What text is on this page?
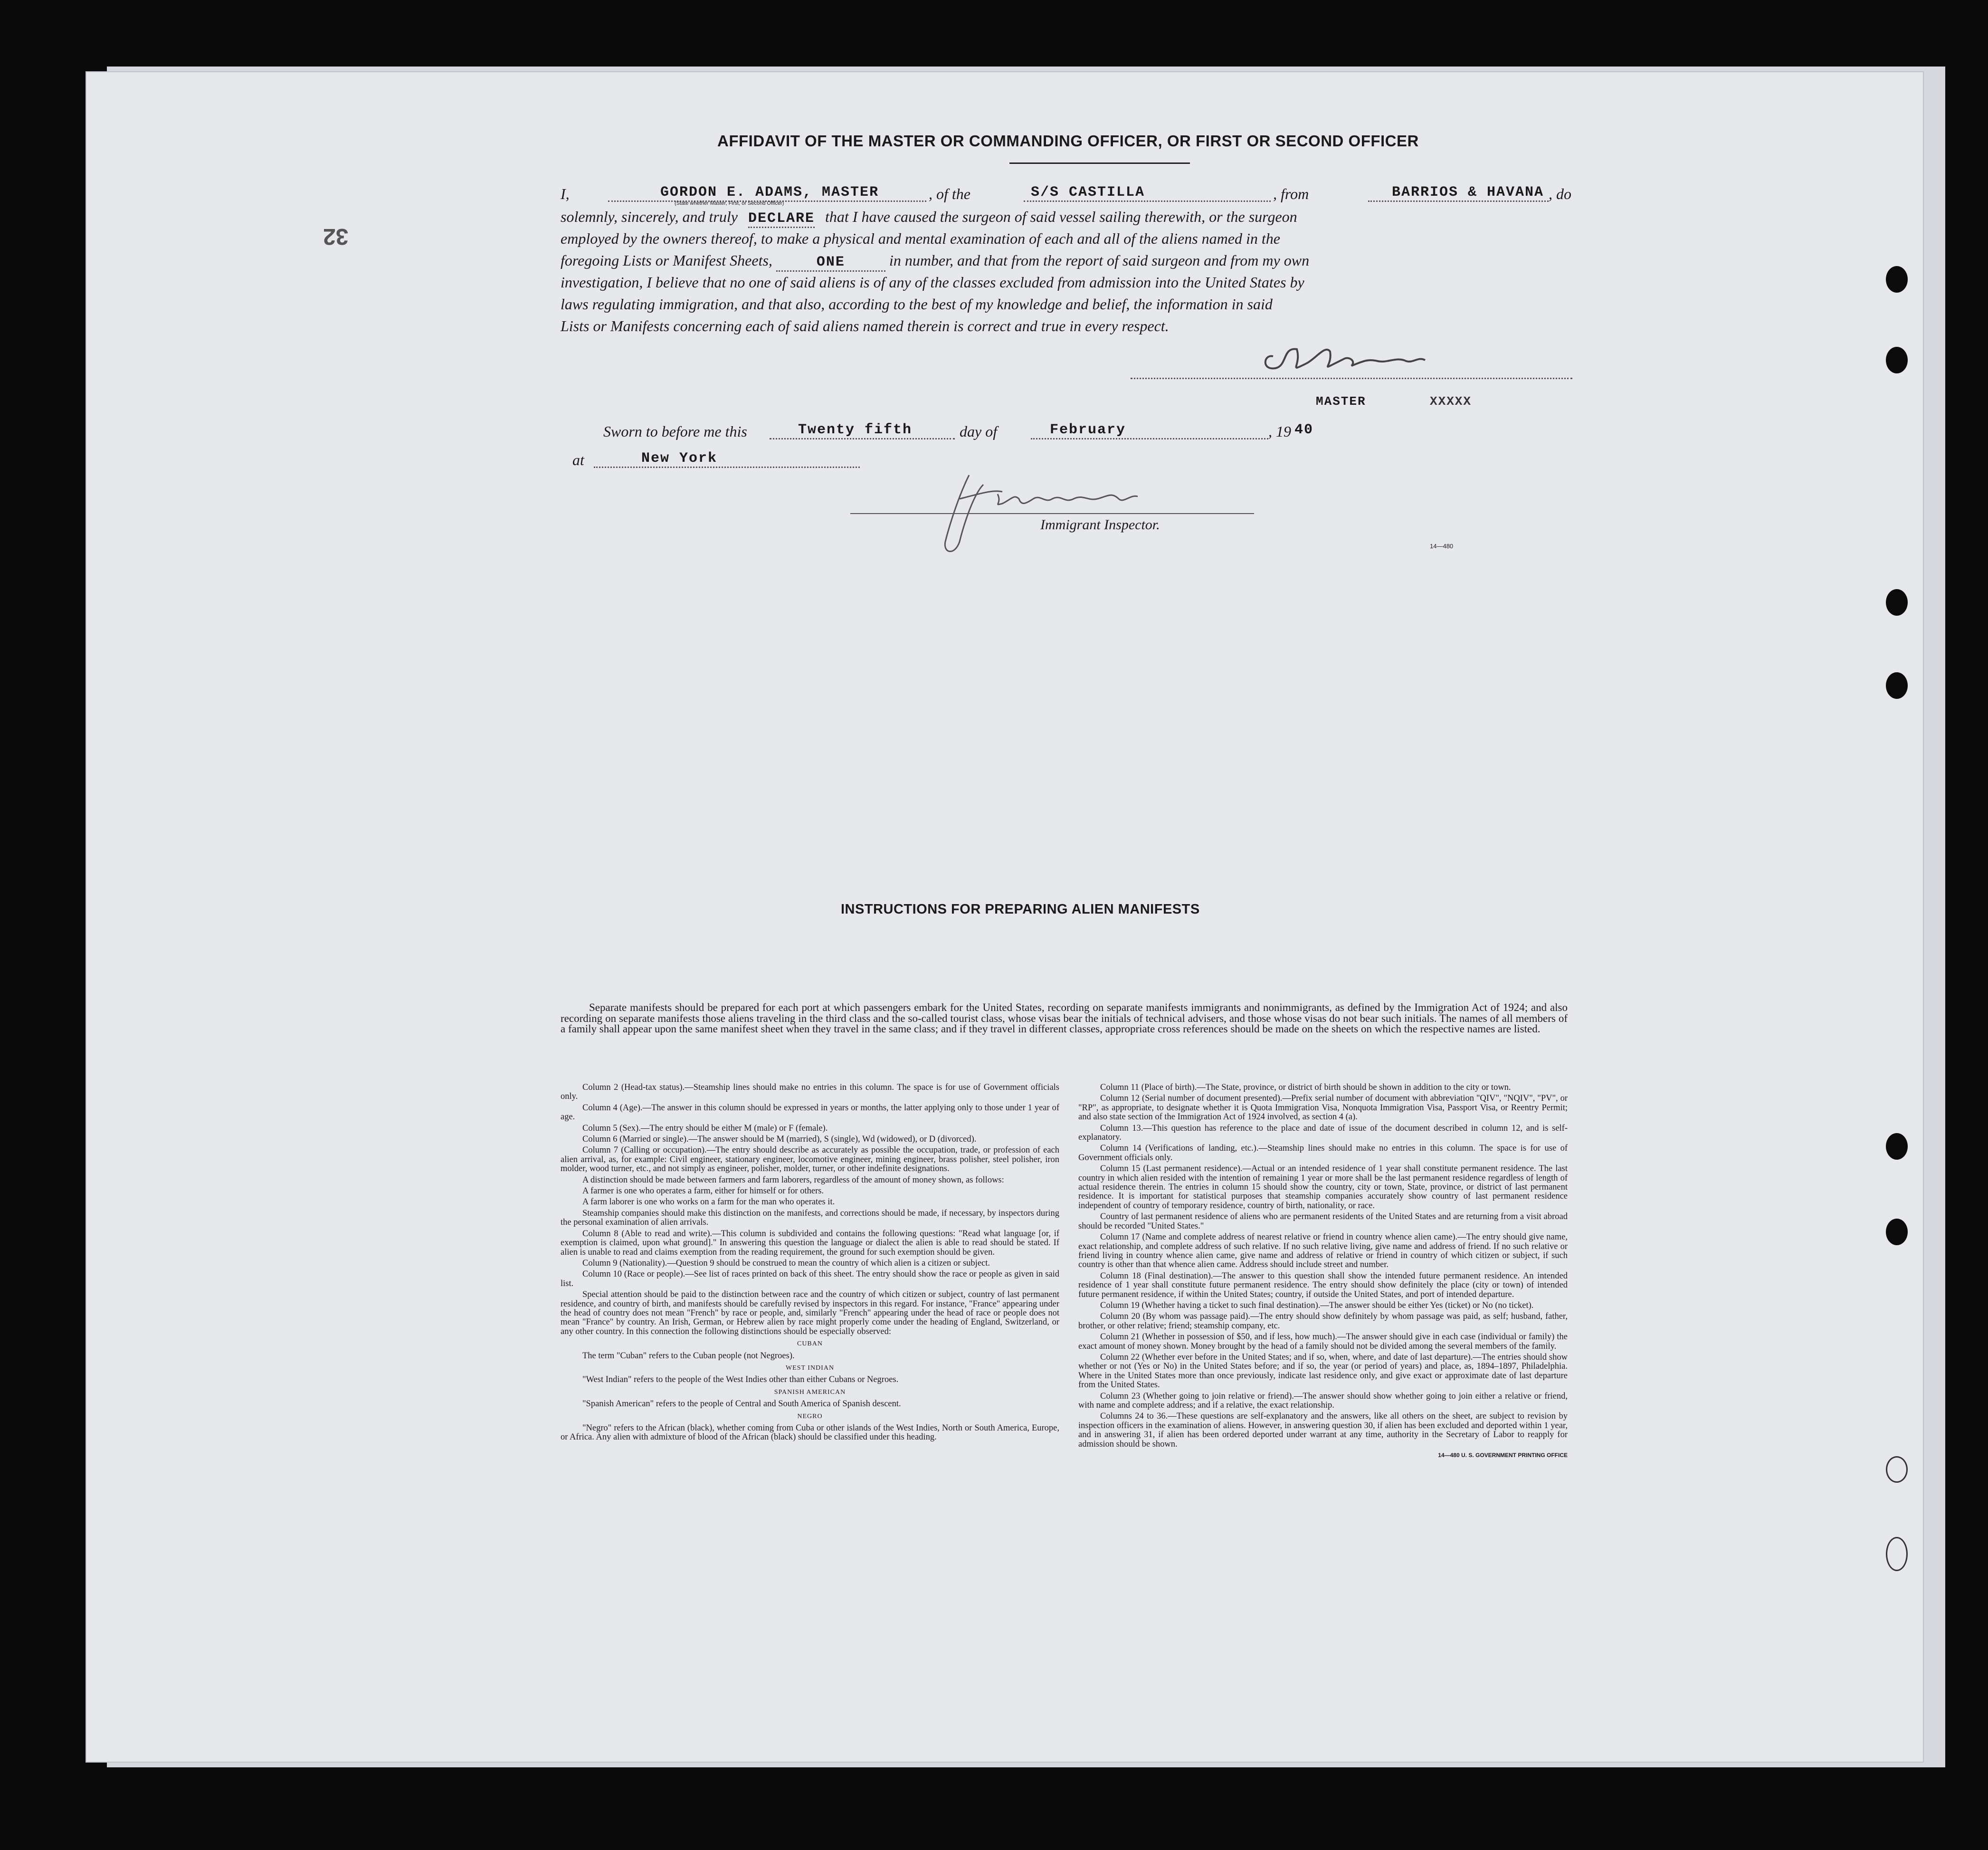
32
AFFIDAVIT OF THE MASTER OR COMMANDING OFFICER, OR FIRST OR SECOND OFFICER
I,	GORDON E. ADAMS, MASTER
(State whether Master, First, or Second Officer)
, of the	S/S CASTILLA	, from	BARRIOS & HAVANA , do
solemnly, sincerely, and truly DECLARE that I have caused the surgeon of said vessel sailing therewith, or the surgeon
employed by the owners thereof, to make a physical and mental examination of each and all of the aliens named in the
foregoing Lists or Manifest Sheets,	ONE	in number, and that from the report of said surgeon and from my own
investigation, I believe that no one of said aliens is of any of the classes excluded from admission into the United States by
laws regulating immigration, and that also, according to the best of my knowledge and belief, the information in said
Lists or Manifests concerning each of said aliens named therein is correct and true in every respect.
MASTER	XXXXX
Sworn to before me this	Twenty fifth	day of	February	, 19 40
at	New York
Immigrant Inspector.
14—480
INSTRUCTIONS FOR PREPARING ALIEN MANIFESTS
Separate manifests should be prepared for each port at which passengers embark for the United States, recording on separate manifests immigrants and nonimmigrants, as defined by the Immigration Act of 1924; and also recording on separate manifests those aliens traveling in the third class and the so-called tourist class, whose visas bear the initials of technical advisers, and those whose visas do not bear such initials. The names of all members of a family shall appear upon the same manifest sheet when they travel in the same class; and if they travel in different classes, appropriate cross references should be made on the sheets on which the respective names are listed.

Column 2 (Head-tax status).—Steamship lines should make no entries in this column. The space is for use of Government officials only.

Column 4 (Age).—The answer in this column should be expressed in years or months, the latter applying only to those under 1 year of age.

Column 5 (Sex).—The entry should be either M (male) or F (female).

Column 6 (Married or single).—The answer should be M (married), S (single), Wd (widowed), or D (divorced).

Column 7 (Calling or occupation).—The entry should describe as accurately as possible the occupation, trade, or profession of each alien arrival, as, for example: Civil engineer, stationary engineer, locomotive engineer, mining engineer, brass polisher, steel polisher, iron molder, wood turner, etc., and not simply as engineer, polisher, molder, turner, or other indefinite designations.

A distinction should be made between farmers and farm laborers, regardless of the amount of money shown, as follows:

A farmer is one who operates a farm, either for himself or for others.

A farm laborer is one who works on a farm for the man who operates it.

Steamship companies should make this distinction on the manifests, and corrections should be made, if necessary, by inspectors during the personal examination of alien arrivals.

Column 8 (Able to read and write).—This column is subdivided and contains the following questions: "Read what language [or, if exemption is claimed, upon what ground]." In answering this question the language or dialect the alien is able to read should be stated. If alien is unable to read and claims exemption from the reading requirement, the ground for such exemption should be given.

Column 9 (Nationality).—Question 9 should be construed to mean the country of which alien is a citizen or subject.

Column 10 (Race or people).—See list of races printed on back of this sheet. The entry should show the race or people as given in said list.

Special attention should be paid to the distinction between race and the country of which citizen or subject, country of last permanent residence, and country of birth, and manifests should be carefully revised by inspectors in this regard. For instance, "France" appearing under the head of country does not mean "French" by race or people, and, similarly "French" appearing under the head of race or people does not mean "France" by country. An Irish, German, or Hebrew alien by race might properly come under the heading of England, Switzerland, or any other country. In this connection the following distinctions should be especially observed:

CUBAN

The term "Cuban" refers to the Cuban people (not Negroes).

WEST INDIAN

"West Indian" refers to the people of the West Indies other than either Cubans or Negroes.

SPANISH AMERICAN

"Spanish American" refers to the people of Central and South America of Spanish descent.

NEGRO

"Negro" refers to the African (black), whether coming from Cuba or other islands of the West Indies, North or South America, Europe, or Africa. Any alien with admixture of blood of the African (black) should be classified under this heading.

Column 11 (Place of birth).—The State, province, or district of birth should be shown in addition to the city or town.

Column 12 (Serial number of document presented).—Prefix serial number of document with abbreviation "QIV", "NQIV", "PV", or "RP", as appropriate, to designate whether it is Quota Immigration Visa, Nonquota Immigration Visa, Passport Visa, or Reentry Permit; and also state section of the Immigration Act of 1924 involved, as section 4 (a).

Column 13.—This question has reference to the place and date of issue of the document described in column 12, and is self-explanatory.

Column 14 (Verifications of landing, etc.).—Steamship lines should make no entries in this column. The space is for use of Government officials only.

Column 15 (Last permanent residence).—Actual or an intended residence of 1 year shall constitute permanent residence. The last country in which alien resided with the intention of remaining 1 year or more shall be the last permanent residence regardless of length of actual residence therein. The entries in column 15 should show the country, city or town, State, province, or district of last permanent residence. It is important for statistical purposes that steamship companies accurately show country of last permanent residence independent of country of temporary residence, country of birth, nationality, or race.

Country of last permanent residence of aliens who are permanent residents of the United States and are returning from a visit abroad should be recorded "United States."

Column 17 (Name and complete address of nearest relative or friend in country whence alien came).—The entry should give name, exact relationship, and complete address of such relative. If no such relative living, give name and address of friend. If no such relative or friend living in country whence alien came, give name and address of relative or friend in country of which citizen or subject, if such country is other than that whence alien came. Address should include street and number.

Column 18 (Final destination).—The answer to this question shall show the intended future permanent residence. An intended residence of 1 year shall constitute future permanent residence. The entry should show definitely the place (city or town) of intended future permanent residence, if within the United States; country, if outside the United States, and port of intended departure.

Column 19 (Whether having a ticket to such final destination).—The answer should be either Yes (ticket) or No (no ticket).

Column 20 (By whom was passage paid).—The entry should show definitely by whom passage was paid, as self; husband, father, brother, or other relative; friend; steamship company, etc.

Column 21 (Whether in possession of $50, and if less, how much).—The answer should give in each case (individual or family) the exact amount of money shown. Money brought by the head of a family should not be divided among the several members of the family.

Column 22 (Whether ever before in the United States; and if so, when, where, and date of last departure).—The entries should show whether or not (Yes or No) in the United States before; and if so, the year (or period of years) and place, as, 1894–1897, Philadelphia. Where in the United States more than once previously, indicate last residence only, and give exact or approximate date of last departure from the United States.

Column 23 (Whether going to join relative or friend).—The answer should show whether going to join either a relative or friend, with name and complete address; and if a relative, the exact relationship.

Columns 24 to 36.—These questions are self-explanatory and the answers, like all others on the sheet, are subject to revision by inspection officers in the examination of aliens. However, in answering question 30, if alien has been excluded and deported within 1 year, and in answering 31, if alien has been ordered deported under warrant at any time, authority in the Secretary of Labor to reapply for admission should be shown.

14—480 U. S. GOVERNMENT PRINTING OFFICE
